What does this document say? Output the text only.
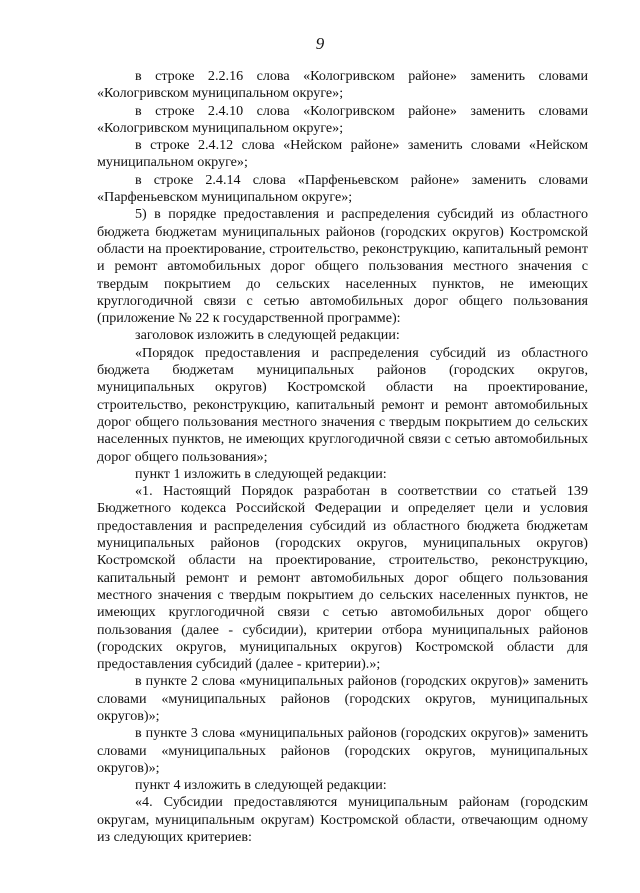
9

в строке 2.2.16 слова «Кологривском районе» заменить словами «Кологривском муниципальном округе»;

в строке 2.4.10 слова «Кологривском районе» заменить словами «Кологривском муниципальном округе»;

в строке 2.4.12 слова «Нейском районе» заменить словами «Нейском муниципальном округе»;

в строке 2.4.14 слова «Парфеньевском районе» заменить словами «Парфеньевском муниципальном округе»;

5) в порядке предоставления и распределения субсидий из областного бюджета бюджетам муниципальных районов (городских округов) Костромской области на проектирование, строительство, реконструкцию, капитальный ремонт и ремонт автомобильных дорог общего пользования местного значения с твердым покрытием до сельских населенных пунктов, не имеющих круглогодичной связи с сетью автомобильных дорог общего пользования (приложение № 22 к государственной программе):

заголовок изложить в следующей редакции:

«Порядок предоставления и распределения субсидий из областного бюджета бюджетам муниципальных районов (городских округов, муниципальных округов) Костромской области на проектирование, строительство, реконструкцию, капитальный ремонт и ремонт автомобильных дорог общего пользования местного значения с твердым покрытием до сельских населенных пунктов, не имеющих круглогодичной связи с сетью автомобильных дорог общего пользования»;

пункт 1 изложить в следующей редакции:

«1. Настоящий Порядок разработан в соответствии со статьей 139 Бюджетного кодекса Российской Федерации и определяет цели и условия предоставления и распределения субсидий из областного бюджета бюджетам муниципальных районов (городских округов, муниципальных округов) Костромской области на проектирование, строительство, реконструкцию, капитальный ремонт и ремонт автомобильных дорог общего пользования местного значения с твердым покрытием до сельских населенных пунктов, не имеющих круглогодичной связи с сетью автомобильных дорог общего пользования (далее - субсидии), критерии отбора муниципальных районов (городских округов, муниципальных округов) Костромской области для предоставления субсидий (далее - критерии).»;

в пункте 2 слова «муниципальных районов (городских округов)» заменить словами «муниципальных районов (городских округов, муниципальных округов)»;

в пункте 3 слова «муниципальных районов (городских округов)» заменить словами «муниципальных районов (городских округов, муниципальных округов)»;

пункт 4 изложить в следующей редакции:

«4. Субсидии предоставляются муниципальным районам (городским округам, муниципальным округам) Костромской области, отвечающим одному из следующих критериев:
